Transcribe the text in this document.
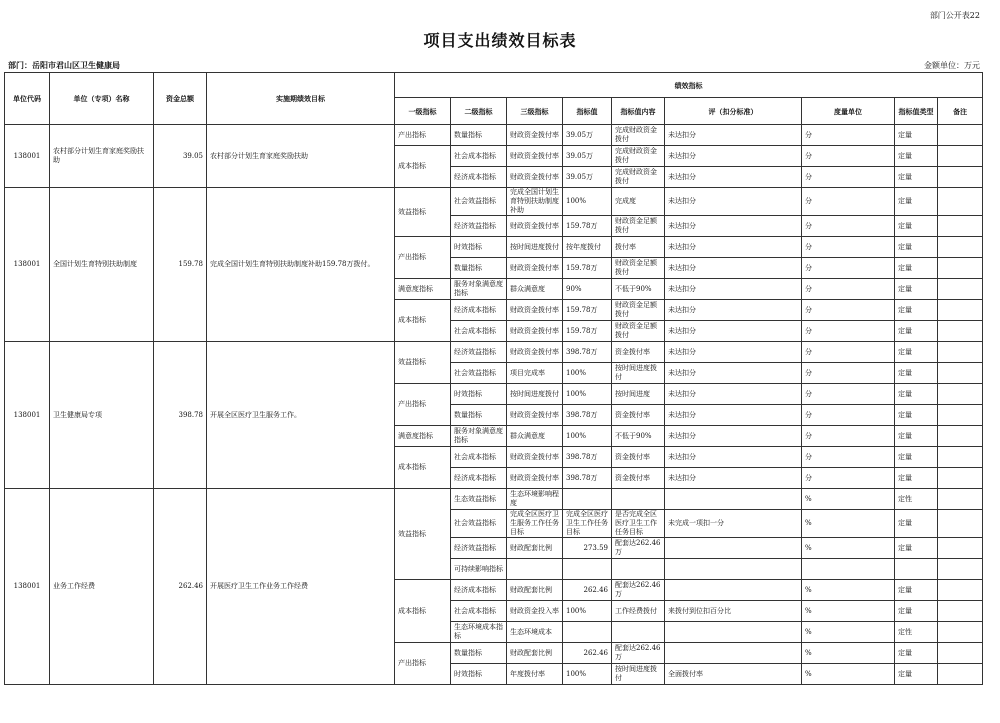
部门公开表22
项目支出绩效目标表
部门：岳阳市君山区卫生健康局	金额单位：万元
单位代码	单位（专项）名称	资金总额	实施期绩效目标	绩效指标								
				一级指标	二级指标	三级指标	指标值	指标值内容	评（扣分标准）	度量单位	指标值类型	备注
138001	农村部分计划生育家庭奖励扶助	39.05	农村部分计划生育家庭奖励扶助	产出指标	数量指标	财政资金拨付率	39.05万	完成财政资金拨付	未达扣分	分	定量	
				成本指标	社会成本指标	财政资金拨付率	39.05万	完成财政资金拨付	未达扣分	分	定量	
					经济成本指标	财政资金拨付率	39.05万	完成财政资金拨付	未达扣分	分	定量	
138001	全国计划生育特别扶助制度	159.78	完成全国计划生育特别扶助制度补助159.78万拨付。	效益指标	社会效益指标	完成全国计划生育特别扶助制度补助	100%	完成度	未达扣分	分	定量	
					经济效益指标	财政资金拨付率	159.78万	财政资金足额拨付	未达扣分	分	定量	
				产出指标	时效指标	按时间进度拨付	按年度拨付	拨付率	未达扣分	分	定量	
					数量指标	财政资金拨付率	159.78万	财政资金足额拨付	未达扣分	分	定量	
				满意度指标	服务对象满意度指标	群众满意度	90%	不低于90%	未达扣分	分	定量	
				成本指标	经济成本指标	财政资金拨付率	159.78万	财政资金足额拨付	未达扣分	分	定量	
					社会成本指标	财政资金拨付率	159.78万	财政资金足额拨付	未达扣分	分	定量	
138001	卫生健康局专项	398.78	开展全区医疗卫生服务工作。	效益指标	经济效益指标	财政资金拨付率	398.78万	资金拨付率	未达扣分	分	定量	
					社会效益指标	项目完成率	100%	按时间进度拨付	未达扣分	分	定量	
				产出指标	时效指标	按时间进度拨付	100%	按时间进度	未达扣分	分	定量	
					数量指标	财政资金拨付率	398.78万	资金拨付率	未达扣分	分	定量	
				满意度指标	服务对象满意度指标	群众满意度	100%	不低于90%	未达扣分	分	定量	
				成本指标	社会成本指标	财政资金拨付率	398.78万	资金拨付率	未达扣分	分	定量	
					经济成本指标	财政资金拨付率	398.78万	资金拨付率	未达扣分	分	定量	
138001	业务工作经费	262.46	开展医疗卫生工作业务工作经费	效益指标	生态效益指标	生态环境影响程度				%	定性	
					社会效益指标	完成全区医疗卫生服务工作任务目标	完成全区医疗卫生工作任务目标	是否完成全区医疗卫生工作任务目标	未完成一项扣一分	%	定量	
					经济效益指标	财政配套比例	273.59	配套达262.46万		%	定量	
					可持续影响指标							
				成本指标	经济成本指标	财政配套比例	262.46	配套达262.46万		%	定量	
					社会成本指标	财政资金投入率	100%	工作经费拨付	来拨付到位扣百分比	%	定量	
					生态环境成本指标	生态环境成本				%	定性	
				产出指标	数量指标	财政配套比例	262.46	配套达262.46万		%	定量	
					时效指标	年度拨付率	100%	按时间进度拨付	全面拨付率	%	定量	
